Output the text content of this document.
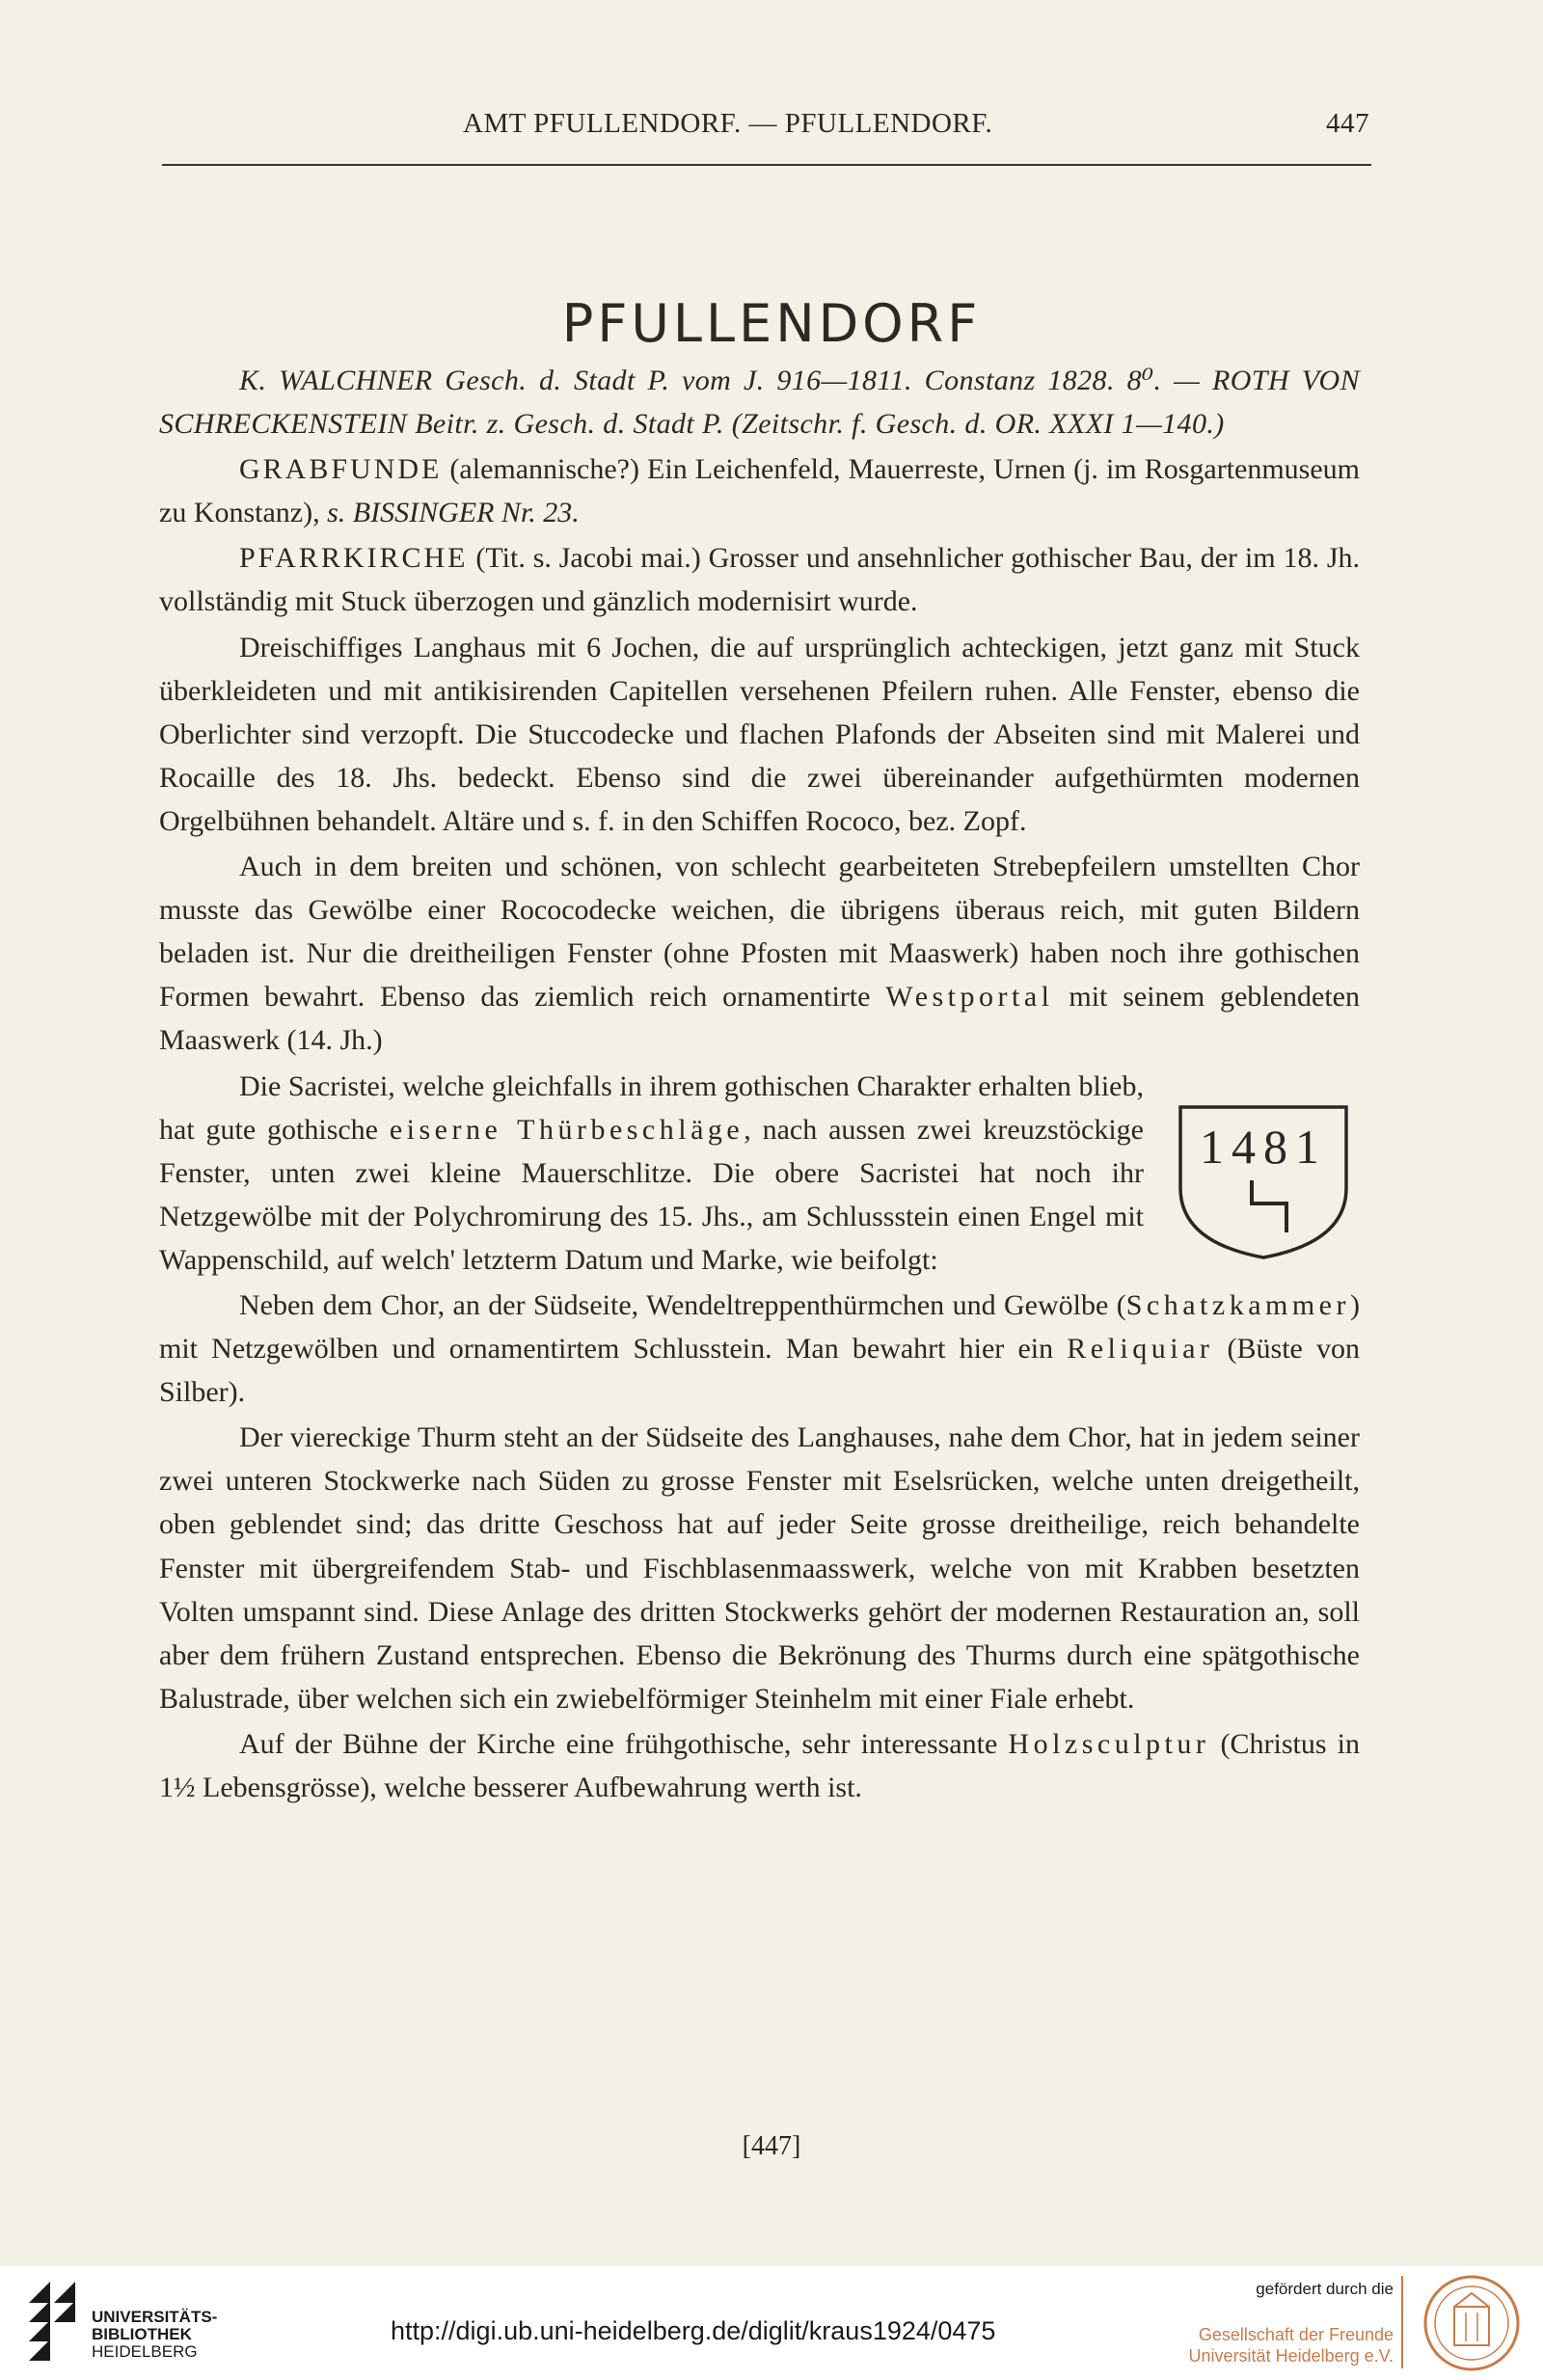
AMT PFULLENDORF. — PFULLENDORF.	447
PFULLENDORF

K. WALCHNER Gesch. d. Stadt P. vom J. 916—1811. Constanz 1828. 8⁰. — ROTH VON SCHRECKENSTEIN Beitr. z. Gesch. d. Stadt P. (Zeitschr. f. Gesch. d. OR. XXXI 1—140.)

GRABFUNDE (alemannische?) Ein Leichenfeld, Mauerreste, Urnen (j. im Rosgartenmuseum zu Konstanz), s. BISSINGER Nr. 23.

PFARRKIRCHE (Tit. s. Jacobi mai.) Grosser und ansehnlicher gothischer Bau, der im 18. Jh. vollständig mit Stuck überzogen und gänzlich modernisirt wurde.

Dreischiffiges Langhaus mit 6 Jochen, die auf ursprünglich achteckigen, jetzt ganz mit Stuck überkleideten und mit antikisirenden Capitellen versehenen Pfeilern ruhen. Alle Fenster, ebenso die Oberlichter sind verzopft. Die Stuccodecke und flachen Plafonds der Abseiten sind mit Malerei und Rocaille des 18. Jhs. bedeckt. Ebenso sind die zwei übereinander aufgethürmten modernen Orgelbühnen behandelt. Altäre und s. f. in den Schiffen Rococo, bez. Zopf.

Auch in dem breiten und schönen, von schlecht gearbeiteten Strebepfeilern umstellten Chor musste das Gewölbe einer Rococodecke weichen, die übrigens überaus reich, mit guten Bildern beladen ist. Nur die dreitheiligen Fenster (ohne Pfosten mit Maaswerk) haben noch ihre gothischen Formen bewahrt. Ebenso das ziemlich reich ornamentirte Westportal mit seinem geblendeten Maaswerk (14. Jh.)

1481
Die Sacristei, welche gleichfalls in ihrem gothischen Charakter erhalten blieb, hat gute gothische eiserne Thürbeschläge, nach aussen zwei kreuzstöckige Fenster, unten zwei kleine Mauerschlitze. Die obere Sacristei hat noch ihr Netzgewölbe mit der Polychromirung des 15. Jhs., am Schlussstein einen Engel mit Wappenschild, auf welch' letzterm Datum und Marke, wie beifolgt:

Neben dem Chor, an der Südseite, Wendeltreppenthürmchen und Gewölbe (Schatzkammer) mit Netzgewölben und ornamentirtem Schlusstein. Man bewahrt hier ein Reliquiar (Büste von Silber).

Der viereckige Thurm steht an der Südseite des Langhauses, nahe dem Chor, hat in jedem seiner zwei unteren Stockwerke nach Süden zu grosse Fenster mit Eselsrücken, welche unten dreigetheilt, oben geblendet sind; das dritte Geschoss hat auf jeder Seite grosse dreitheilige, reich behandelte Fenster mit übergreifendem Stab- und Fischblasenmaasswerk, welche von mit Krabben besetzten Volten umspannt sind. Diese Anlage des dritten Stockwerks gehört der modernen Restauration an, soll aber dem frühern Zustand entsprechen. Ebenso die Bekrönung des Thurms durch eine spätgothische Balustrade, über welchen sich ein zwiebelförmiger Steinhelm mit einer Fiale erhebt.

Auf der Bühne der Kirche eine frühgothische, sehr interessante Holzsculptur (Christus in 1½ Lebensgrösse), welche besserer Aufbewahrung werth ist.

[447]
UNIVERSITÄTS-
BIBLIOTHEK
HEIDELBERG
http://digi.ub.uni-heidelberg.de/diglit/kraus1924/0475
gefördert durch die
Gesellschaft der Freunde
Universität Heidelberg e.V.
